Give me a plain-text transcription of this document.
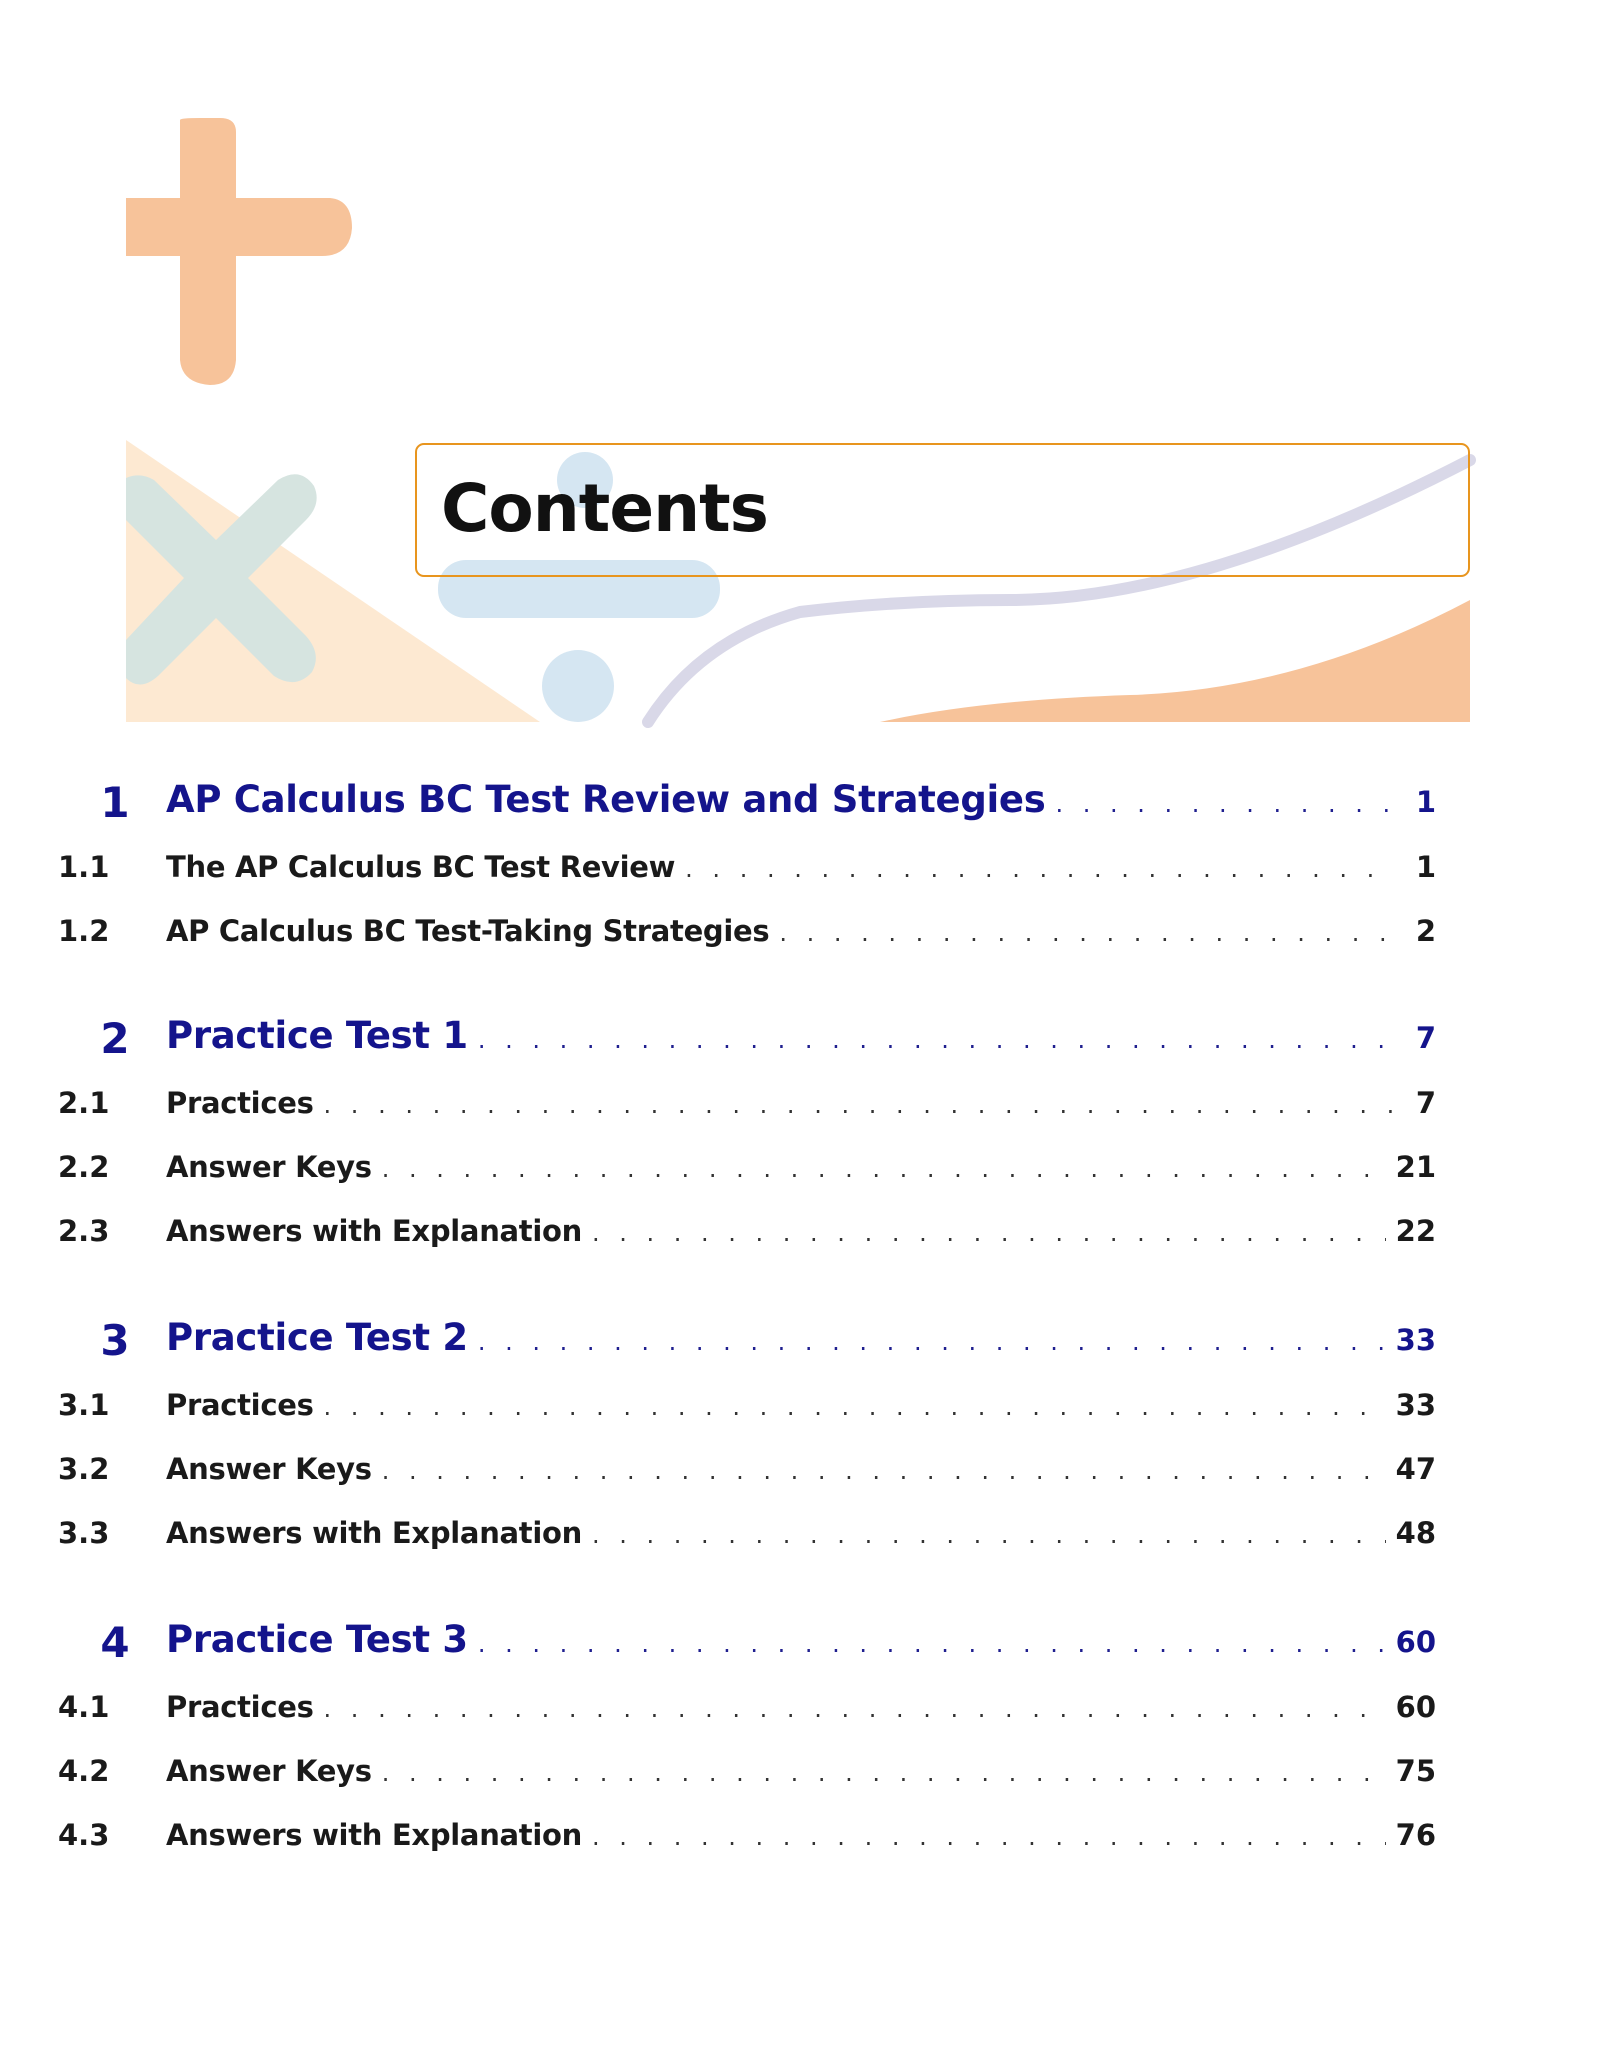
Contents
1 AP Calculus BC Test Review and Strategies . . .	1
1.1	The AP Calculus BC Test Review . . .	1
1.2	AP Calculus BC Test-Taking Strategies . . .	2
2 Practice Test 1 . . .	7
2.1	Practices . . .	7
2.2	Answer Keys . . .	21
2.3	Answers with Explanation . . .	22
3 Practice Test 2 . . .	33
3.1	Practices . . .	33
3.2	Answer Keys . . .	47
3.3	Answers with Explanation . . .	48
4 Practice Test 3 . . .	60
4.1	Practices . . .	60
4.2	Answer Keys . . .	75
4.3	Answers with Explanation . . .	76
